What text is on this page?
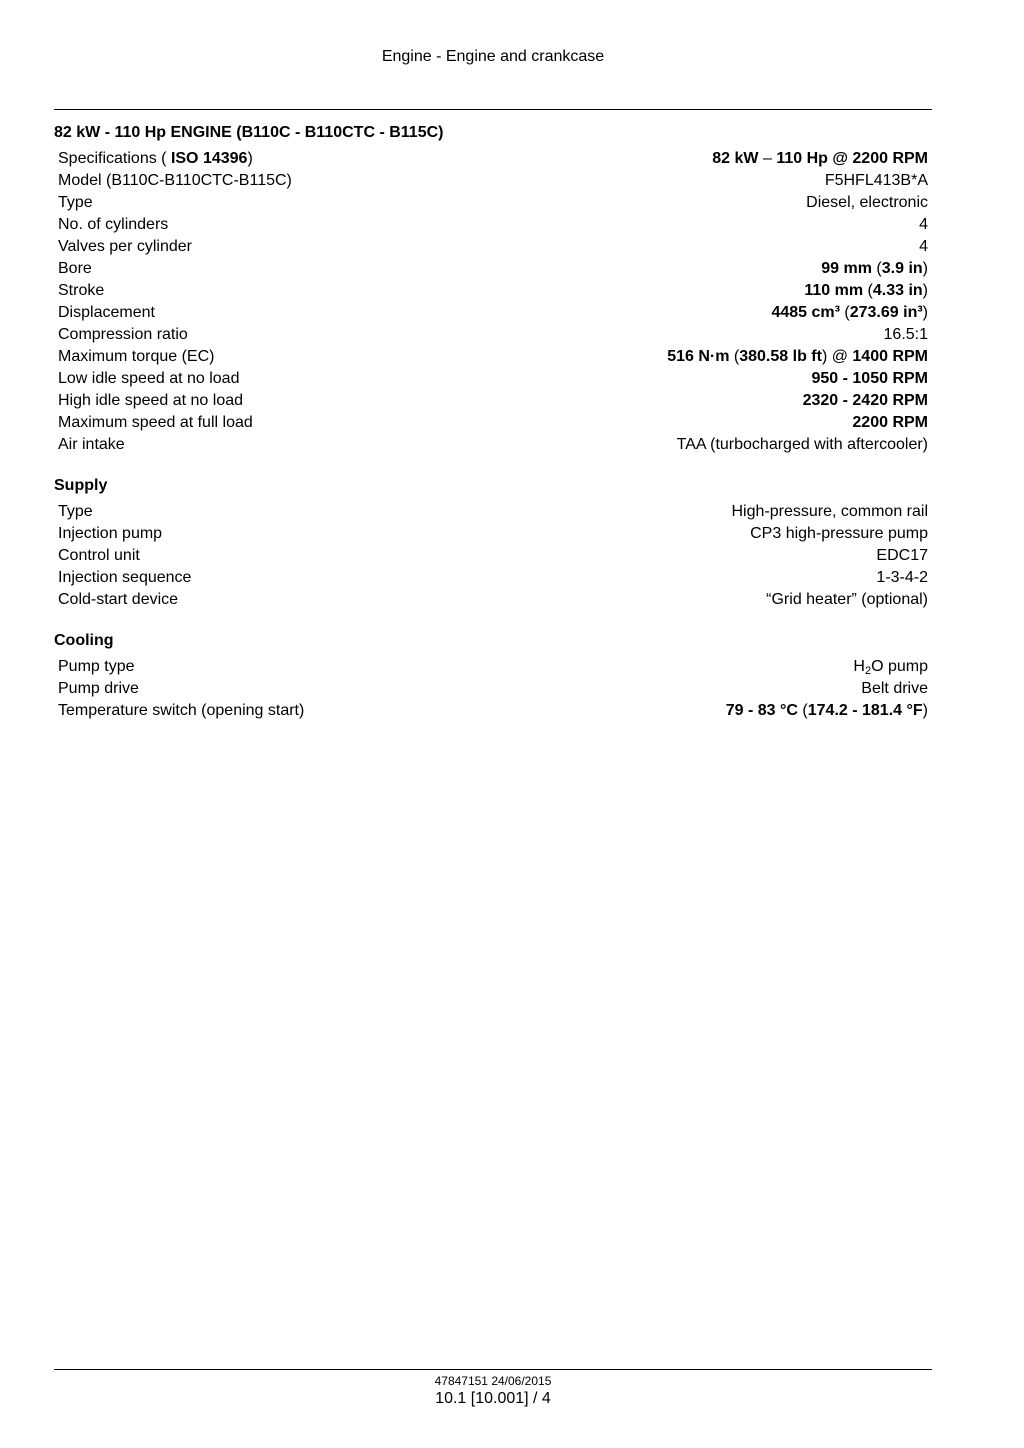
Engine - Engine and crankcase
82 kW - 110 Hp ENGINE (B110C - B110CTC - B115C)
Specifications ( ISO 14396)	82 kW – 110 Hp @ 2200 RPM
Model (B110C-B110CTC-B115C)	F5HFL413B*A
Type	Diesel, electronic
No. of cylinders	4
Valves per cylinder	4
Bore	99 mm (3.9 in)
Stroke	110 mm (4.33 in)
Displacement	4485 cm³ (273.69 in³)
Compression ratio	16.5:1
Maximum torque (EC)	516 N·m (380.58 lb ft) @ 1400 RPM
Low idle speed at no load	950 - 1050 RPM
High idle speed at no load	2320 - 2420 RPM
Maximum speed at full load	2200 RPM
Air intake	TAA (turbocharged with aftercooler)
Supply
Type	High-pressure, common rail
Injection pump	CP3 high-pressure pump
Control unit	EDC17
Injection sequence	1-3-4-2
Cold-start device	“Grid heater” (optional)
Cooling
Pump type	$H_2O$ pump
Pump drive	Belt drive
Temperature switch (opening start)	79 - 83 °C (174.2 - 181.4 °F)
47847151 24/06/2015
10.1 [10.001] / 4
